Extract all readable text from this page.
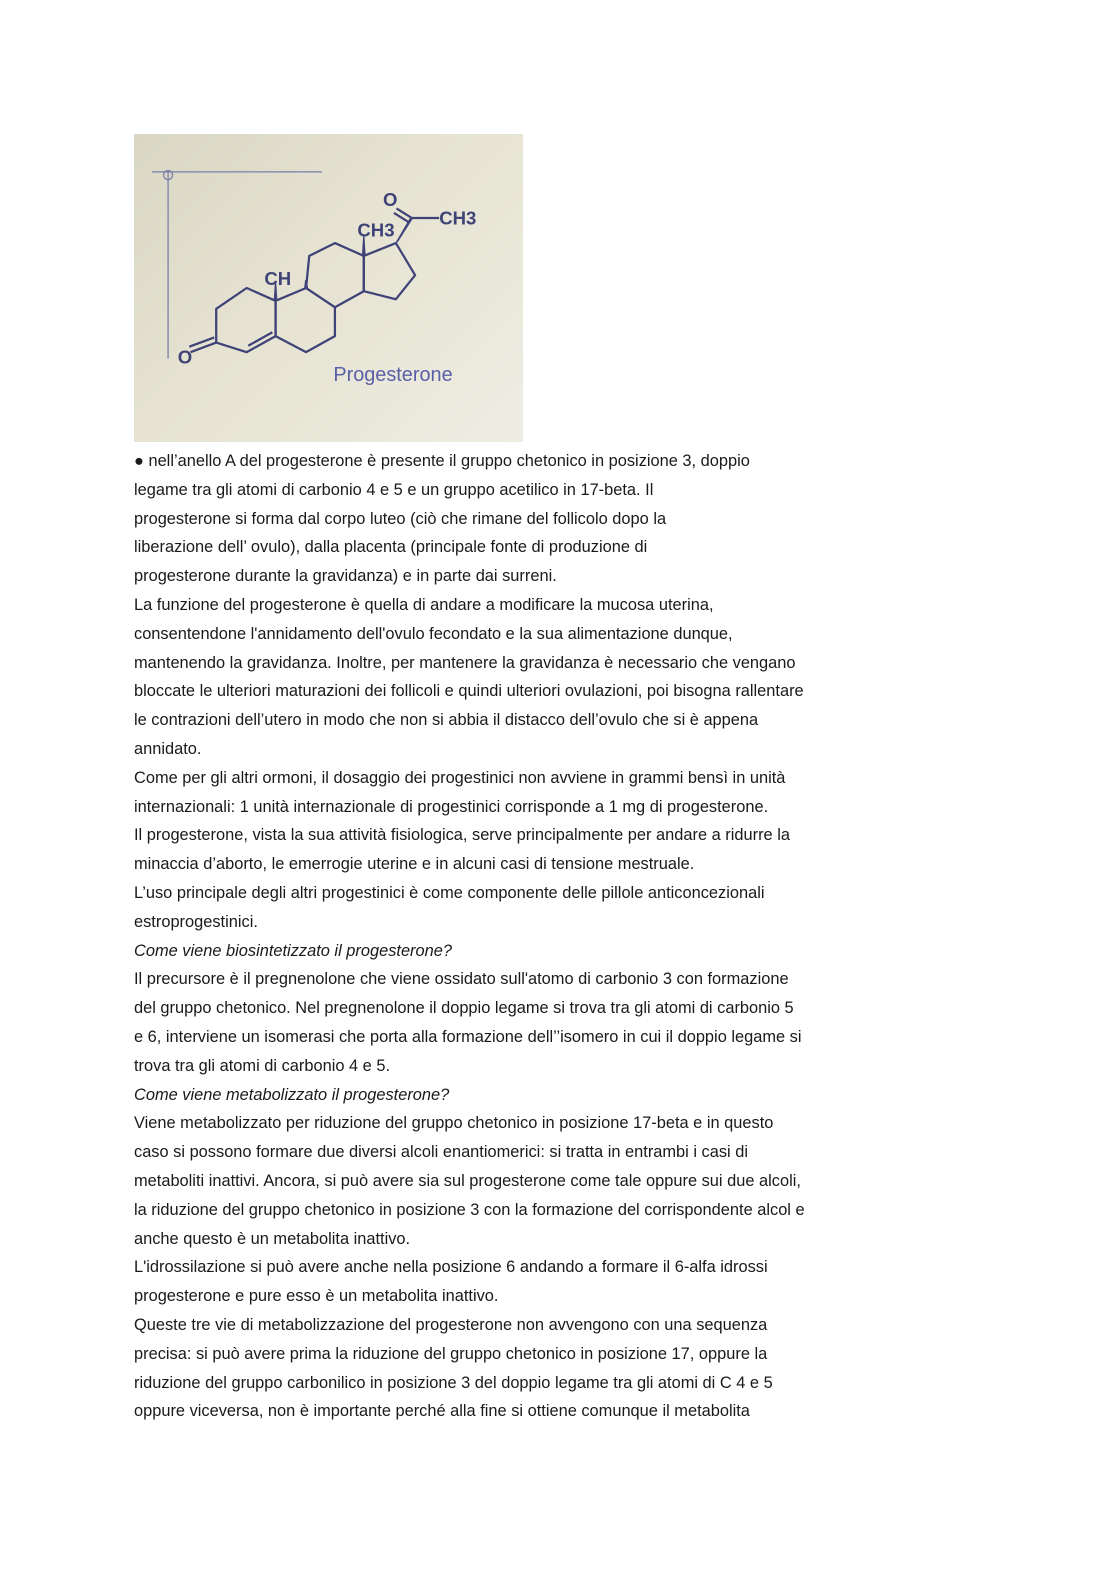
O
CH
CH3
O
CH3
Progesterone

● nell’anello A del progesterone è presente il gruppo chetonico in posizione 3, doppio
legame tra gli atomi di carbonio 4 e 5 e un gruppo acetilico in 17-beta. Il
progesterone si forma dal corpo luteo (ciò che rimane del follicolo dopo la
liberazione dell’ ovulo), dalla placenta (principale fonte di produzione di
progesterone durante la gravidanza) e in parte dai surreni.
La funzione del progesterone è quella di andare a modificare la mucosa uterina,
consentendone l'annidamento dell'ovulo fecondato e la sua alimentazione dunque,
mantenendo la gravidanza. Inoltre, per mantenere la gravidanza è necessario che vengano
bloccate le ulteriori maturazioni dei follicoli e quindi ulteriori ovulazioni, poi bisogna rallentare
le contrazioni dell’utero in modo che non si abbia il distacco dell’ovulo che si è appena
annidato.
Come per gli altri ormoni, il dosaggio dei progestinici non avviene in grammi bensì in unità
internazionali: 1 unità internazionale di progestinici corrisponde a 1 mg di progesterone.
Il progesterone, vista la sua attività fisiologica, serve principalmente per andare a ridurre la
minaccia d’aborto, le emerrogie uterine e in alcuni casi di tensione mestruale.
L’uso principale degli altri progestinici è come componente delle pillole anticoncezionali
estroprogestinici.
Come viene biosintetizzato il progesterone?
Il precursore è il pregnenolone che viene ossidato sull'atomo di carbonio 3 con formazione
del gruppo chetonico. Nel pregnenolone il doppio legame si trova tra gli atomi di carbonio 5
e 6, interviene un isomerasi che porta alla formazione dell’’isomero in cui il doppio legame si
trova tra gli atomi di carbonio 4 e 5.
Come viene metabolizzato il progesterone?
Viene metabolizzato per riduzione del gruppo chetonico in posizione 17-beta e in questo
caso si possono formare due diversi alcoli enantiomerici: si tratta in entrambi i casi di
metaboliti inattivi. Ancora, si può avere sia sul progesterone come tale oppure sui due alcoli,
la riduzione del gruppo chetonico in posizione 3 con la formazione del corrispondente alcol e
anche questo è un metabolita inattivo.
L'idrossilazione si può avere anche nella posizione 6 andando a formare il 6-alfa idrossi
progesterone e pure esso è un metabolita inattivo.
Queste tre vie di metabolizzazione del progesterone non avvengono con una sequenza
precisa: si può avere prima la riduzione del gruppo chetonico in posizione 17, oppure la
riduzione del gruppo carbonilico in posizione 3 del doppio legame tra gli atomi di C 4 e 5
oppure viceversa, non è importante perché alla fine si ottiene comunque il metabolita
